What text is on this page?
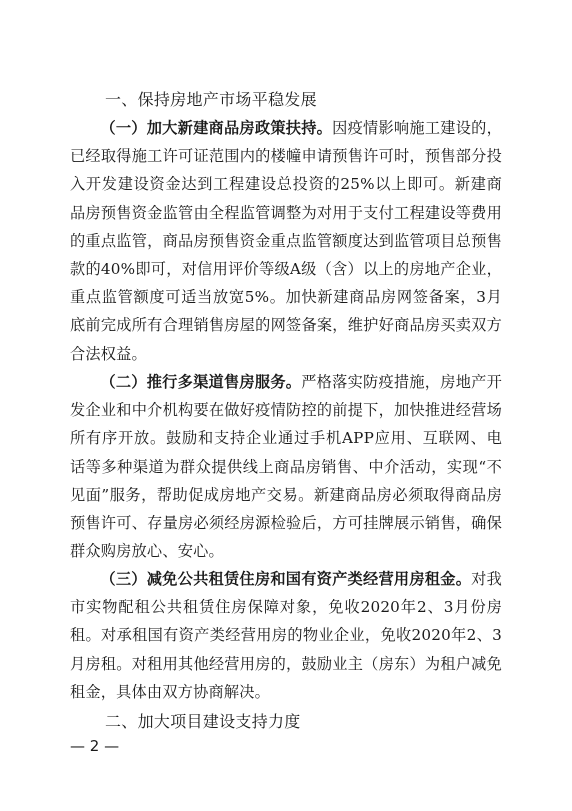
一、保持房地产市场平稳发展
（一）加大新建商品房政策扶持。因疫情影响施工建设的，已经取得施工许可证范围内的楼幢申请预售许可时，预售部分投入开发建设资金达到工程建设总投资的25%以上即可。新建商品房预售资金监管由全程监管调整为对用于支付工程建设等费用的重点监管，商品房预售资金重点监管额度达到监管项目总预售款的40%即可，对信用评价等级A级（含）以上的房地产企业，重点监管额度可适当放宽5%。加快新建商品房网签备案，3月底前完成所有合理销售房屋的网签备案，维护好商品房买卖双方合法权益。
（二）推行多渠道售房服务。严格落实防疫措施，房地产开发企业和中介机构要在做好疫情防控的前提下，加快推进经营场所有序开放。鼓励和支持企业通过手机APP应用、互联网、电话等多种渠道为群众提供线上商品房销售、中介活动，实现“不见面”服务，帮助促成房地产交易。新建商品房必须取得商品房预售许可、存量房必须经房源检验后，方可挂牌展示销售，确保群众购房放心、安心。
（三）减免公共租赁住房和国有资产类经营用房租金。对我市实物配租公共租赁住房保障对象，免收2020年2、3月份房租。对承租国有资产类经营用房的物业企业，免收2020年2、3月房租。对租用其他经营用房的，鼓励业主（房东）为租户减免租金，具体由双方协商解决。
二、加大项目建设支持力度
— 2 —
